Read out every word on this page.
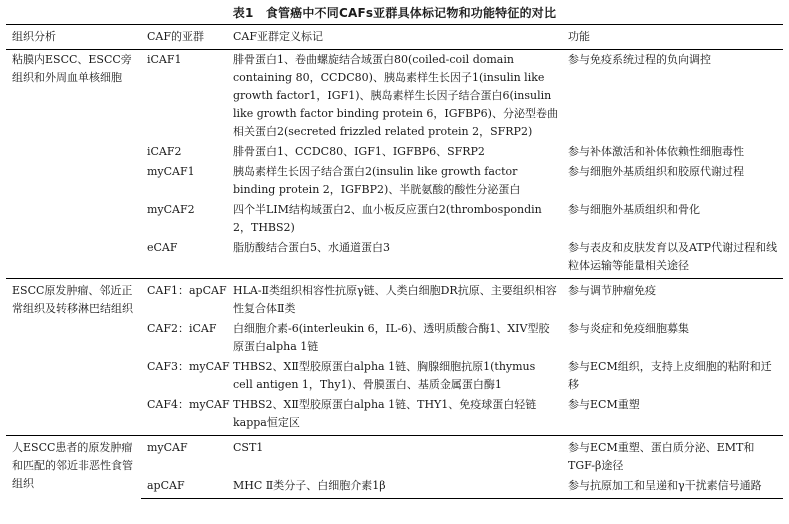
表1　食管癌中不同CAFs亚群具体标记物和功能特征的对比
组织分析	CAF的亚群	CAF亚群定义标记	功能
粘膜内ESCC、ESCC旁组织和外周血单核细胞	iCAF1	腓骨蛋白1、卷曲螺旋结合域蛋白80(coiled-coil domain containing 80，CCDC80)、胰岛素样生长因子1(insulin like growth factor1，IGF1)、胰岛素样生长因子结合蛋白6(insulin like growth factor binding protein 6，IGFBP6)、分泌型卷曲相关蛋白2(secreted frizzled related protein 2，SFRP2)	参与免疫系统过程的负向调控
	iCAF2	腓骨蛋白1、CCDC80、IGF1、IGFBP6、SFRP2	参与补体激活和补体依赖性细胞毒性
	myCAF1	胰岛素样生长因子结合蛋白2(insulin like growth factor binding protein 2，IGFBP2)、半胱氨酸的酸性分泌蛋白	参与细胞外基质组织和胶原代谢过程
	myCAF2	四个半LIM结构域蛋白2、血小板反应蛋白2(thrombospondin 2，THBS2)	参与细胞外基质组织和骨化
	eCAF	脂肪酸结合蛋白5、水通道蛋白3	参与表皮和皮肤发育以及ATP代谢过程和线粒体运输等能量相关途径
ESCC原发肿瘤、邻近正常组织及转移淋巴结组织	CAF1：apCAF	HLA-Ⅱ类组织相容性抗原γ链、人类白细胞DR抗原、主要组织相容性复合体Ⅱ类	参与调节肿瘤免疫
	CAF2：iCAF	白细胞介素-6(interleukin 6，IL-6)、透明质酸合酶1、XIV型胶原蛋白alpha 1链	参与炎症和免疫细胞募集
	CAF3：myCAF	THBS2、XⅡ型胶原蛋白alpha 1链、胸腺细胞抗原1(thymus cell antigen 1，Thy1)、骨膜蛋白、基质金属蛋白酶1	参与ECM组织，支持上皮细胞的粘附和迁移
	CAF4：myCAF	THBS2、XⅡ型胶原蛋白alpha 1链、THY1、免疫球蛋白轻链kappa恒定区	参与ECM重塑
人ESCC患者的原发肿瘤和匹配的邻近非恶性食管组织	myCAF	CST1	参与ECM重塑、蛋白质分泌、EMT和TGF-β途径
	apCAF	MHC Ⅱ类分子、白细胞介素1β	参与抗原加工和呈递和γ干扰素信号通路
